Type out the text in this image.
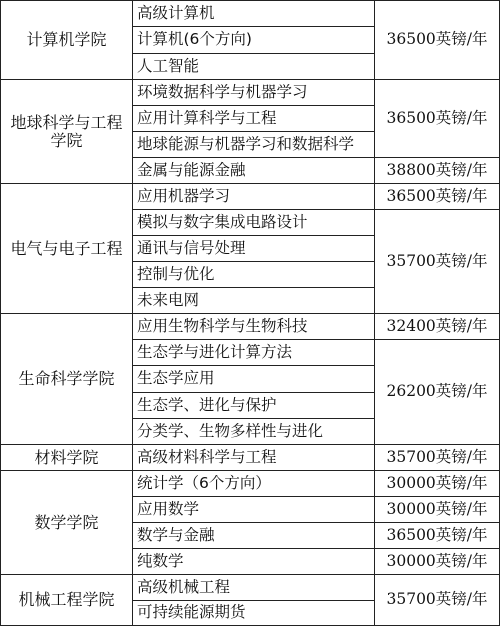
计算机学院
高级计算机
计算机(6个方向)
人工智能
36500英镑/年
地球科学与工程学院
环境数据科学与机器学习
应用计算科学与工程
地球能源与机器学习和数据科学
金属与能源金融
36500英镑/年
38800英镑/年
电气与电子工程
应用机器学习
模拟与数字集成电路设计
通讯与信号处理
控制与优化
未来电网
36500英镑/年
35700英镑/年
生命科学学院
应用生物科学与生物科技
生态学与进化计算方法
生态学应用
生态学、进化与保护
分类学、生物多样性与进化
32400英镑/年
26200英镑/年
材料学院	高级材料科学与工程	35700英镑/年
数学学院
统计学（6个方向）
应用数学
数学与金融
纯数学
30000英镑/年
30000英镑/年
36500英镑/年
30000英镑/年
机械工程学院
高级机械工程
可持续能源期货
35700英镑/年
